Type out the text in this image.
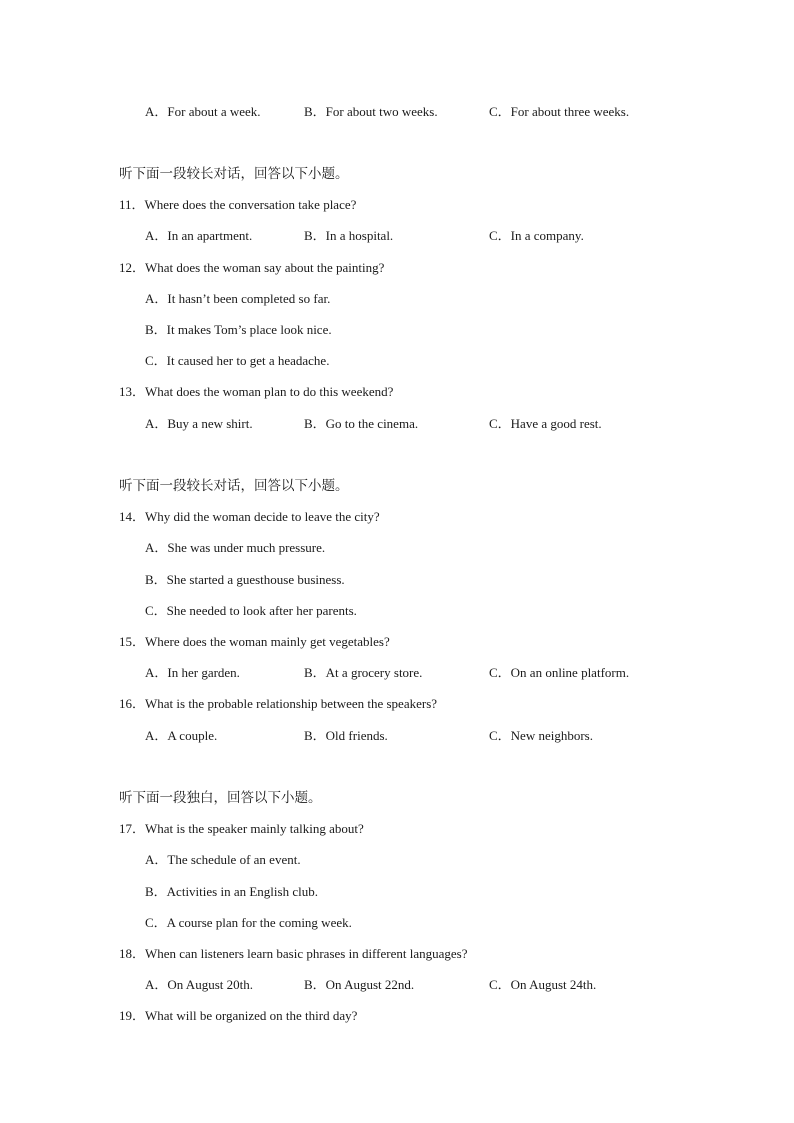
A．For about a week.	B．For about two weeks.	C．For about three weeks.
听下面一段较长对话，回答以下小题。
11．Where does the conversation take place?
A．In an apartment.	B．In a hospital.	C．In a company.
12．What does the woman say about the painting?
A．It hasn’t been completed so far.
B．It makes Tom’s place look nice.
C．It caused her to get a headache.
13．What does the woman plan to do this weekend?
A．Buy a new shirt.	B．Go to the cinema.	C．Have a good rest.
听下面一段较长对话，回答以下小题。
14．Why did the woman decide to leave the city?
A．She was under much pressure.
B．She started a guesthouse business.
C．She needed to look after her parents.
15．Where does the woman mainly get vegetables?
A．In her garden.	B．At a grocery store.	C．On an online platform.
16．What is the probable relationship between the speakers?
A．A couple.	B．Old friends.	C．New neighbors.
听下面一段独白，回答以下小题。
17．What is the speaker mainly talking about?
A．The schedule of an event.
B．Activities in an English club.
C．A course plan for the coming week.
18．When can listeners learn basic phrases in different languages?
A．On August 20th.	B．On August 22nd.	C．On August 24th.
19．What will be organized on the third day?
